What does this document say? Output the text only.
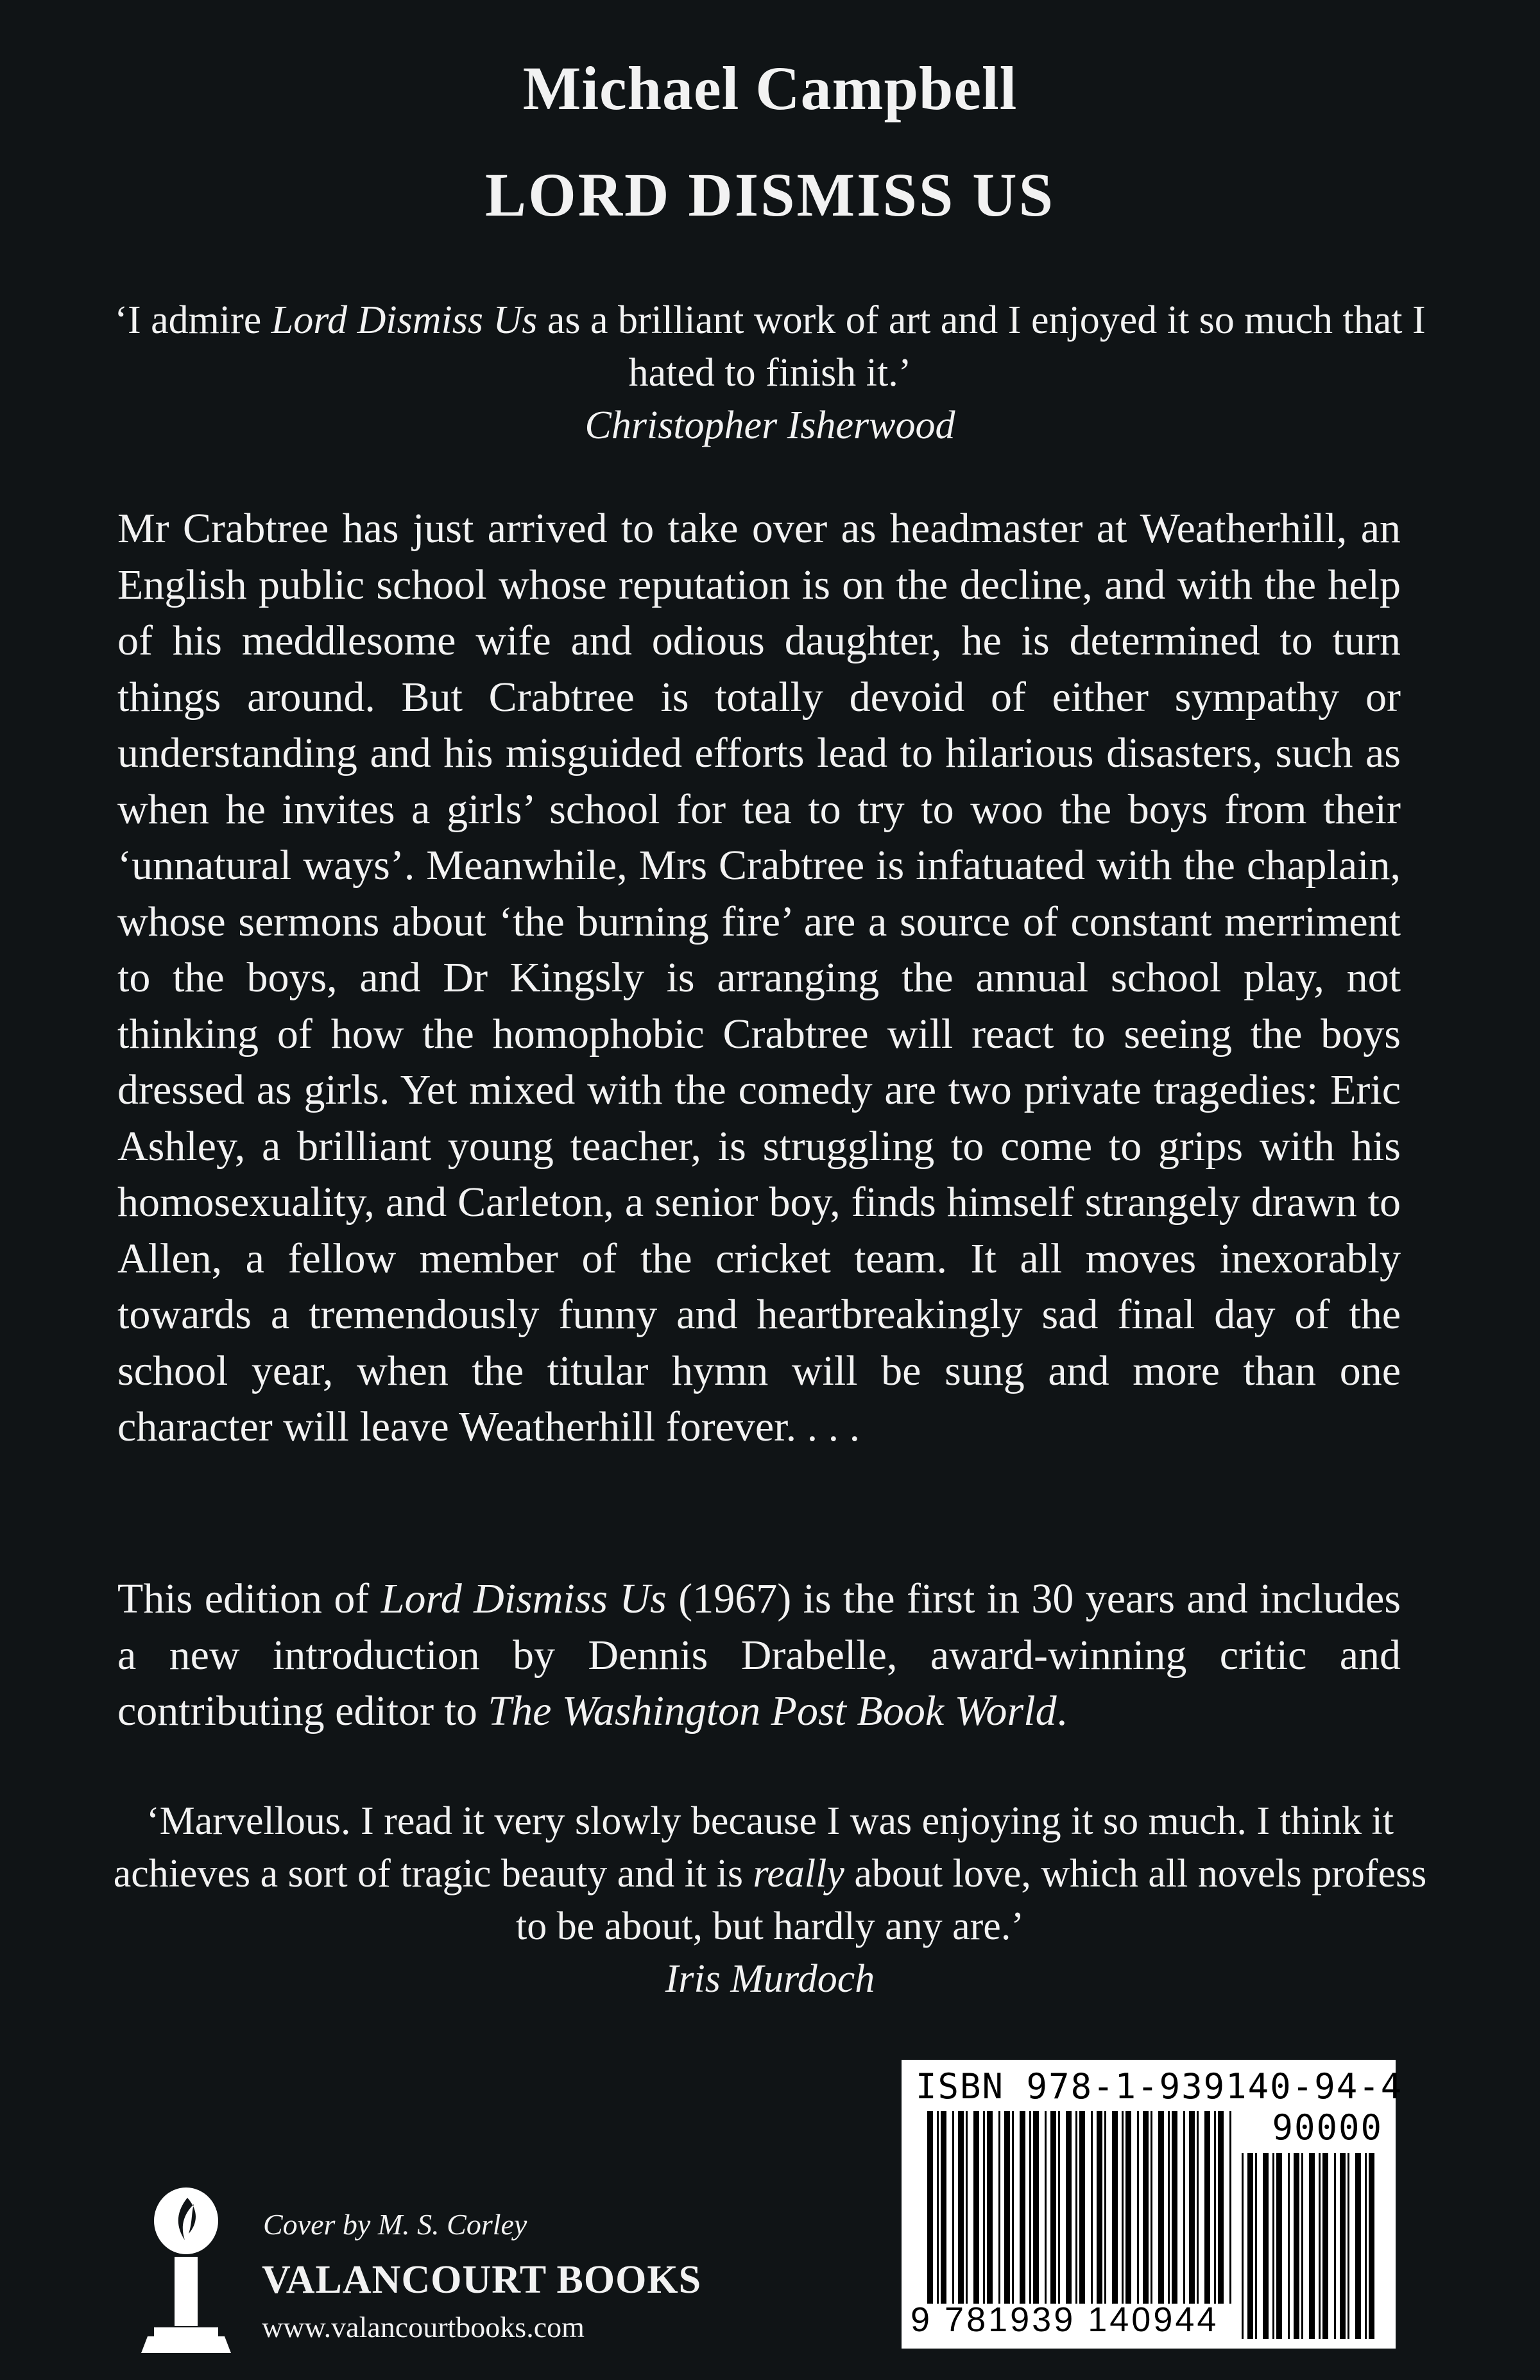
Michael Campbell
LORD DISMISS US
‘I admire Lord Dismiss Us as a brilliant work of art and I enjoyed it so much that I hated to finish it.’
Christopher Isherwood
Mr Crabtree has just arrived to take over as headmaster at Weatherhill, an English public school whose reputation is on the decline, and with the help of his meddlesome wife and odious daughter, he is determined to turn things around. But Crabtree is totally devoid of either sympathy or understanding and his misguided efforts lead to hilarious disasters, such as when he invites a girls’ school for tea to try to woo the boys from their ‘unnatural ways’. Meanwhile, Mrs Crabtree is infatuated with the chaplain, whose sermons about ‘the burning fire’ are a source of constant merriment to the boys, and Dr Kingsly is arranging the annual school play, not thinking of how the homophobic Crabtree will react to seeing the boys dressed as girls. Yet mixed with the comedy are two private tragedies: Eric Ashley, a brilliant young teacher, is struggling to come to grips with his homosexuality, and Carleton, a senior boy, finds himself strangely drawn to Allen, a fellow member of the cricket team. It all moves inexorably towards a tremendously funny and heartbreakingly sad final day of the school year, when the titular hymn will be sung and more than one character will leave Weatherhill forever. . . .
This edition of Lord Dismiss Us (1967) is the first in 30 years and includes a new introduction by Dennis Drabelle, award-winning critic and contributing editor to The Washington Post Book World.
‘Marvellous. I read it very slowly because I was enjoying it so much. I think it achieves a sort of tragic beauty and it is really about love, which all novels profess to be about, but hardly any are.’
Iris Murdoch
ISBN 978-1-939140-94-4
90000
9 781939 140944
Cover by M. S. Corley
VALANCOURT BOOKS
www.valancourtbooks.com
